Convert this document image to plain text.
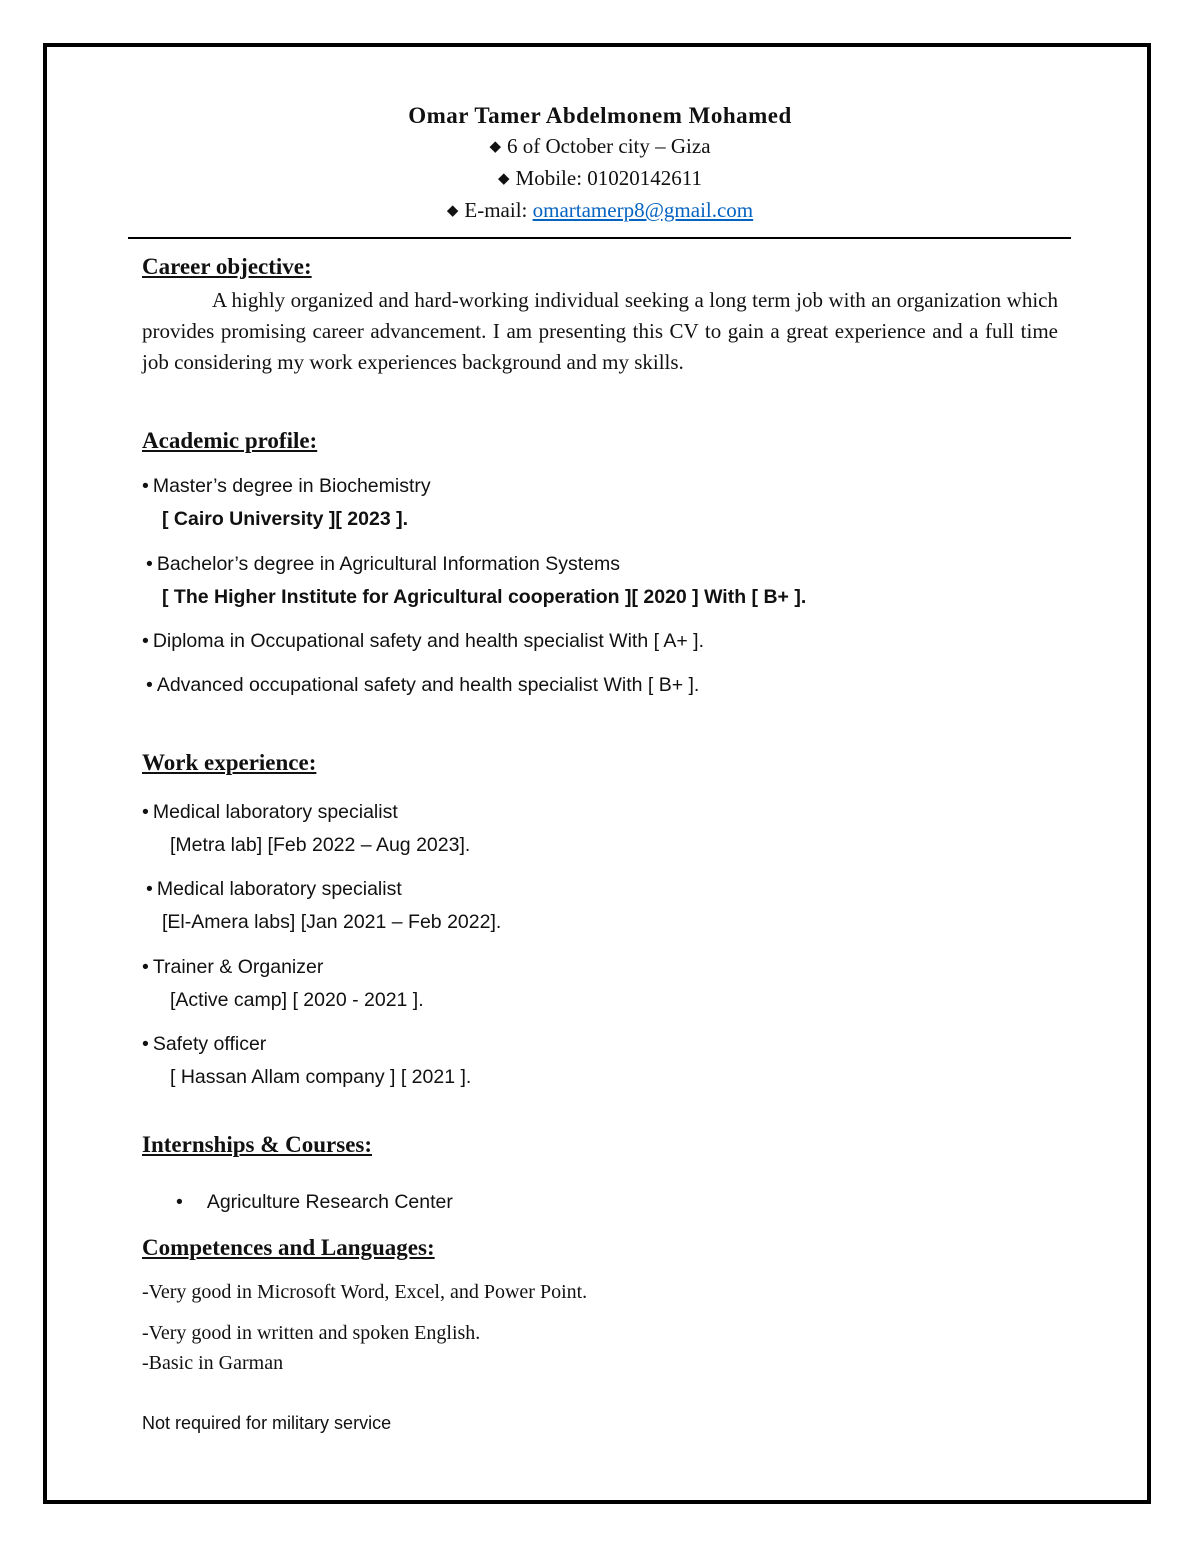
Omar Tamer Abdelmonem Mohamed
◆ 6 of October city – Giza
◆ Mobile: 01020142611
◆ E-mail: omartamerp8@gmail.com
Career objective:

A highly organized and hard-working individual seeking a long term job with an organization which provides promising career advancement. I am presenting this CV to gain a great experience and a full time job considering my work experiences background and my skills.

Academic profile:
• Master’s degree in Biochemistry
[ Cairo University ][ 2023 ].
• Bachelor’s degree in Agricultural Information Systems
[ The Higher Institute for Agricultural cooperation ][ 2020 ] With [ B+ ].
• Diploma in Occupational safety and health specialist With [ A+ ].
• Advanced occupational safety and health specialist With [ B+ ].
Work experience:
• Medical laboratory specialist
[Metra lab] [Feb 2022 – Aug 2023].
• Medical laboratory specialist
[El-Amera labs] [Jan 2021 – Feb 2022].
• Trainer & Organizer
[Active camp] [ 2020 - 2021 ].
• Safety officer
[ Hassan Allam company ] [ 2021 ].
Internships & Courses:
• Agriculture Research Center
Competences and Languages:
-Very good in Microsoft Word, Excel, and Power Point.
-Very good in written and spoken English.
-Basic in Garman
Not required for military service
